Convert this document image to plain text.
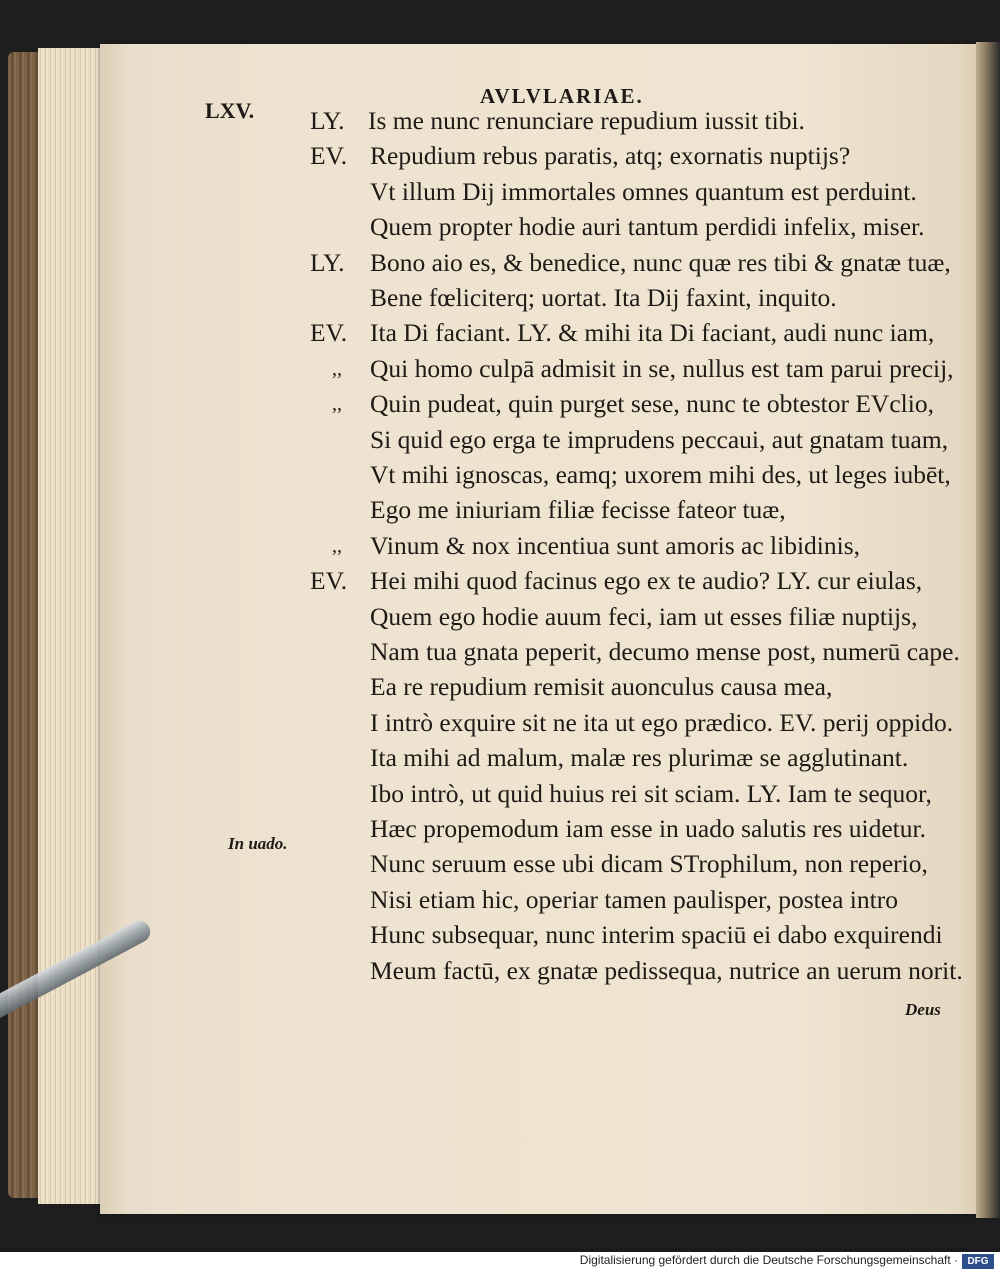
AVLVLARIAE.
LXV.
In uado.
Deus
LY. Is me nunc renunciare repudium iussit tibi.
EV. Repudium rebus paratis, atq; exornatis nuptijs?
Vt illum Dij immortales omnes quantum est perduint.
Quem propter hodie auri tantum perdidi infelix, miser.
LY. Bono aio es, & benedice, nunc quæ res tibi & gnatæ tuæ,
Bene fœliciterq; uortat. Ita Dij faxint, inquito.
EV. Ita Di faciant. LY. & mihi ita Di faciant, audi nunc iam,
,, Qui homo culpā admisit in se, nullus est tam parui precij,
,, Quin pudeat, quin purget sese, nunc te obtestor EVclio,
Si quid ego erga te imprudens peccaui, aut gnatam tuam,
Vt mihi ignoscas, eamq; uxorem mihi des, ut leges iubēt,
Ego me iniuriam filiæ fecisse fateor tuæ,
,, Vinum & nox incentiua sunt amoris ac libidinis,
EV. Hei mihi quod facinus ego ex te audio? LY. cur eiulas,
Quem ego hodie auum feci, iam ut esses filiæ nuptijs,
Nam tua gnata peperit, decumo mense post, numerū cape.
Ea re repudium remisit auonculus causa mea,
I intrò exquire sit ne ita ut ego prædico. EV. perij oppido.
Ita mihi ad malum, malæ res plurimæ se agglutinant.
Ibo intrò, ut quid huius rei sit sciam. LY. Iam te sequor,
Hæc propemodum iam esse in uado salutis res uidetur.
Nunc seruum esse ubi dicam STrophilum, non reperio,
Nisi etiam hic, operiar tamen paulisper, postea intro
Hunc subsequar, nunc interim spaciū ei dabo exquirendi
Meum factū, ex gnatæ pedissequa, nutrice an uerum norit.
Digitalisierung gefördert durch die Deutsche Forschungsgemeinschaft · DFG
